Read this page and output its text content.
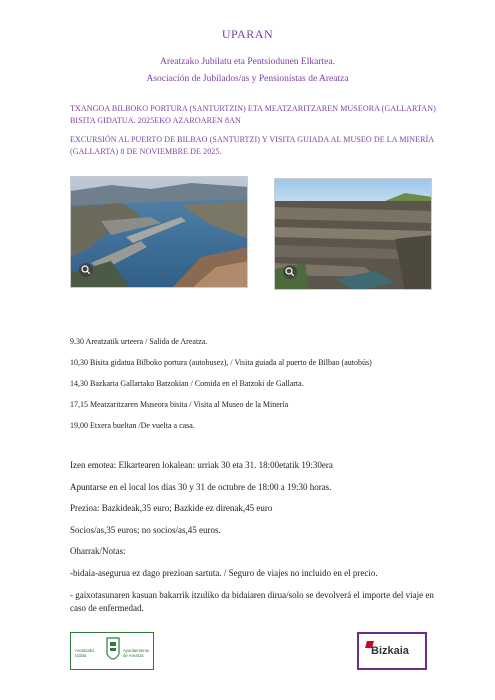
UPARAN
Areatzako Jubilatu eta Pentsiodunen Elkartea.
Asociación de Jubilados/as y Pensionistas de Areatza
TXANGOA BILBOKO PORTURA (SANTURTZIN) ETA MEATZARITZAREN MUSEORA (GALLARTAN) BISITA GIDATUA. 2025EKO AZAROAREN 8AN
EXCURSIÓN AL PUERTO DE BILBAO (SANTURTZI) Y VISITA GUIADA AL MUSEO DE LA MINERÍA (GALLARTA) 8 DE NOVIEMBRE DE 2025.
9.30 Areatzatik urteera / Salida de Areatza.
10,30 Bisita gidatua Bilboko portura (autobusez), / Visita guiada al puerto de Bilbao (autobús)
14,30 Bazkaria Gallartako Batzokian / Comida en el Batzoki de Gallarta.
17,15 Meatzaritzaren Museora bisita / Visita al Museo de la Minería
19,00 Etxera bueltan /De vuelta a casa.
Izen emotea: Elkartearen lokalean: urriak 30 eta 31. 18:00etatik 19:30era
Apuntarse en el local los días 30 y 31 de octubre de 18:00 a 19:30 horas.
Prezioa: Bazkideak,35 euro; Bazkide ez direnak,45 euro
Socios/as,35 euros; no socios/as,45 euros.
Oharrak/Notas:
-bidaia-asegurua ez dago prezioan sartuta. / Seguro de viajes no incluido en el precio.
- gaixotasunaren kasuan bakarrik itzuliko da bidaiaren dirua/solo se devolverá el importe del viaje en caso de enfermedad.
Areatzako Udala
Ayuntamiento de Areatza	Bizkaia
